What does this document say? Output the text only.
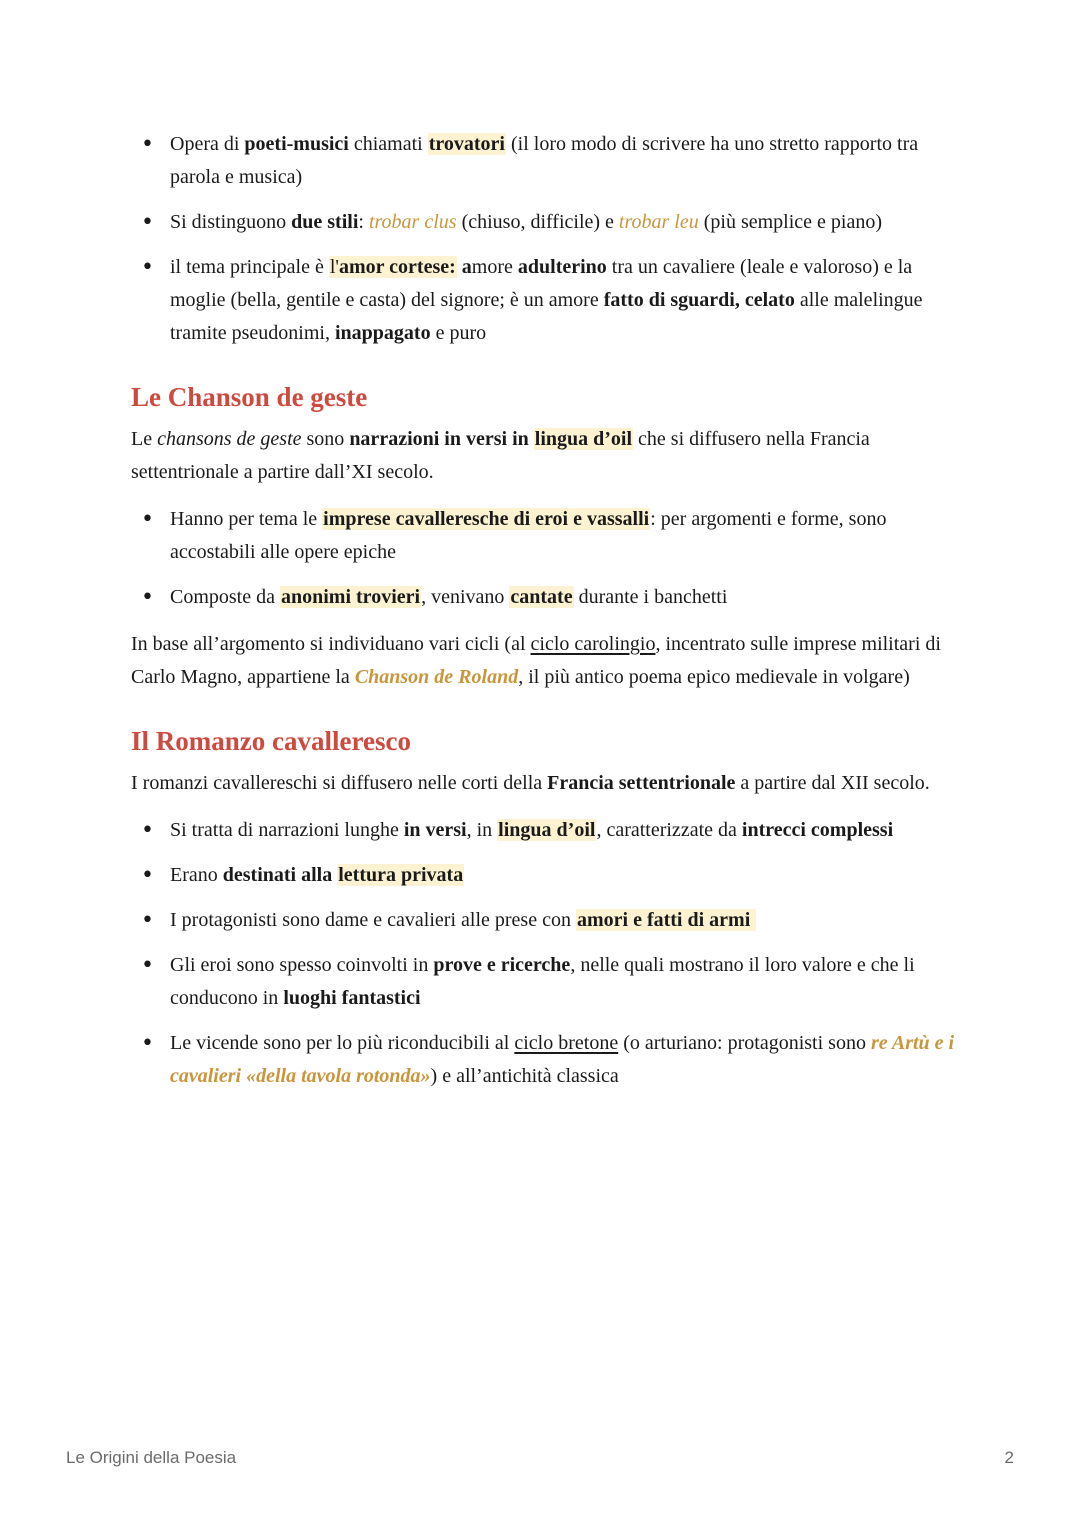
• Opera di poeti-musici chiamati trovatori (il loro modo di scrivere ha uno stretto rapporto tra parola e musica)
• Si distinguono due stili: trobar clus (chiuso, difficile) e trobar leu (più semplice e piano)
• il tema principale è l'amor cortese: amore adulterino tra un cavaliere (leale e valoroso) e la moglie (bella, gentile e casta) del signore; è un amore fatto di sguardi, celato alle malelingue tramite pseudonimi, inappagato e puro
Le Chanson de geste

Le chansons de geste sono narrazioni in versi in lingua d’oil che si diffusero nella Francia settentrionale a partire dall’XI secolo.

• Hanno per tema le imprese cavalleresche di eroi e vassalli: per argomenti e forme, sono accostabili alle opere epiche
• Composte da anonimi trovieri, venivano cantate durante i banchetti

In base all’argomento si individuano vari cicli (al ciclo carolingio, incentrato sulle imprese militari di Carlo Magno, appartiene la Chanson de Roland, il più antico poema epico medievale in volgare)

Il Romanzo cavalleresco

I romanzi cavallereschi si diffusero nelle corti della Francia settentrionale a partire dal XII secolo.

• Si tratta di narrazioni lunghe in versi, in lingua d’oil, caratterizzate da intrecci complessi
• Erano destinati alla lettura privata
• I protagonisti sono dame e cavalieri alle prese con amori e fatti di armi
• Gli eroi sono spesso coinvolti in prove e ricerche, nelle quali mostrano il loro valore e che li conducono in luoghi fantastici
• Le vicende sono per lo più riconducibili al ciclo bretone (o arturiano: protagonisti sono re Artù e i cavalieri «della tavola rotonda») e all’antichità classica
Le Origini della Poesia	2
